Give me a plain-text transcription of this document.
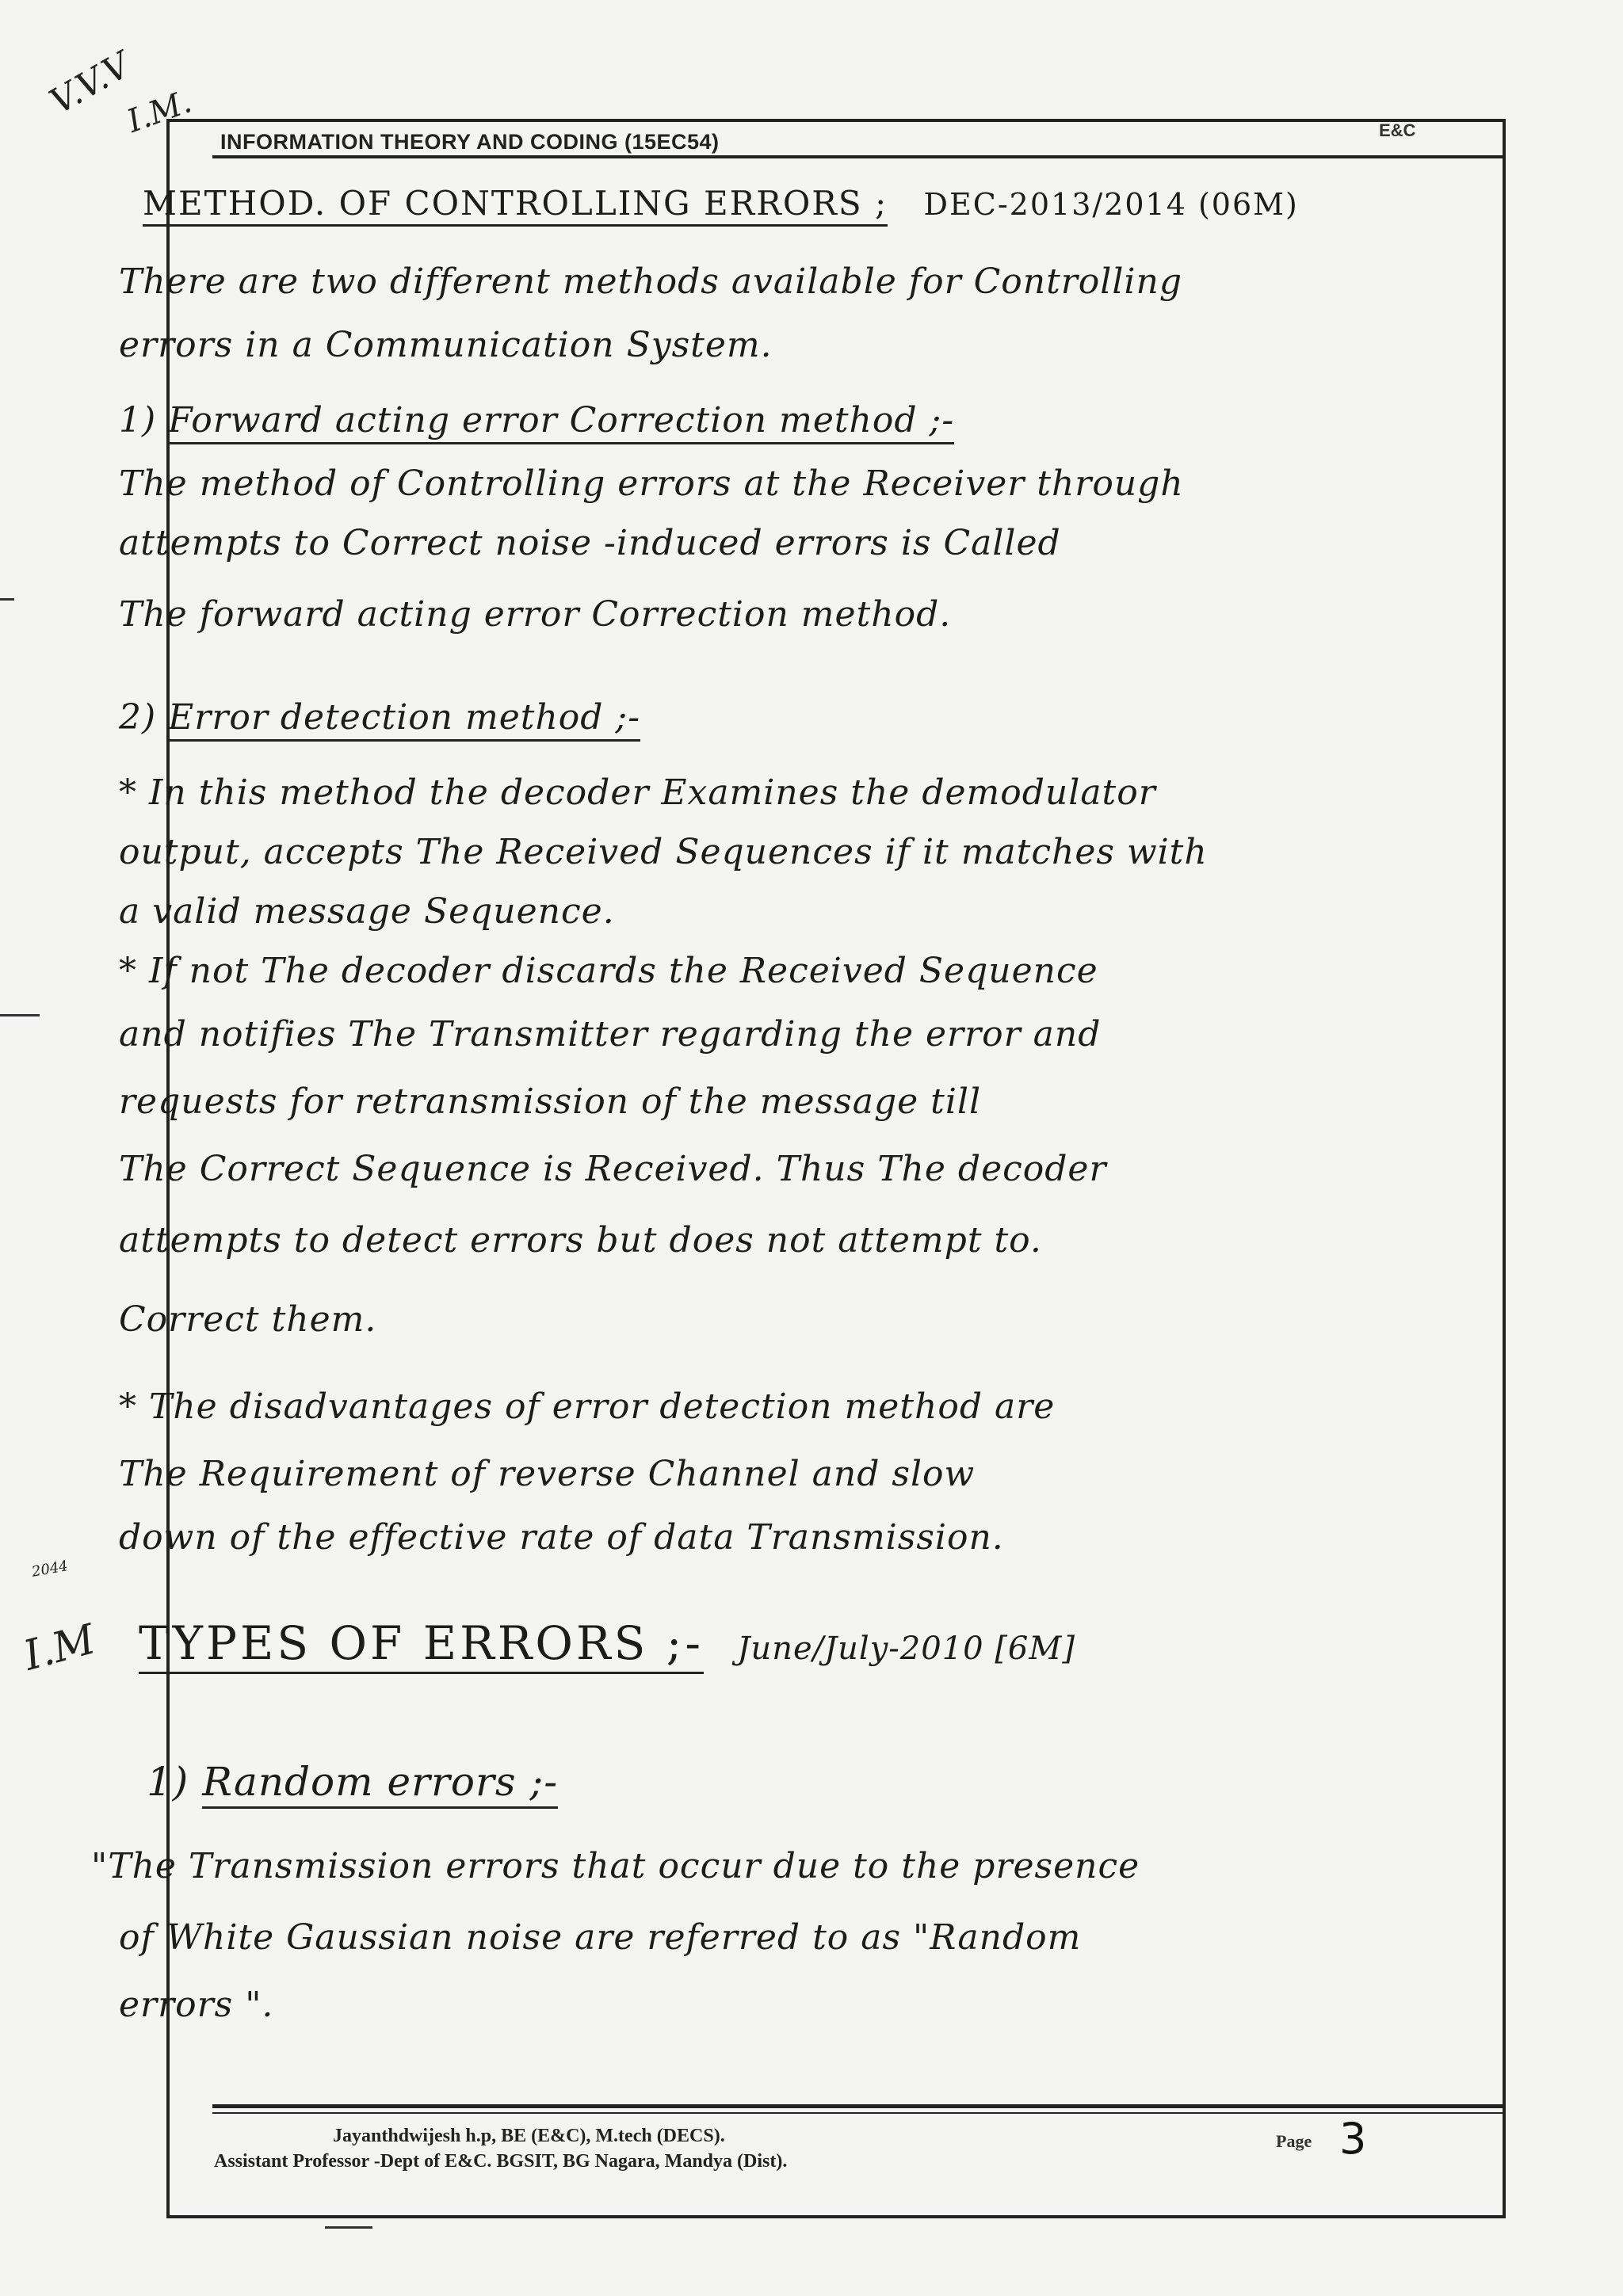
V.V.V
I.M.
2044
I.M
E&C
INFORMATION THEORY AND CODING (15EC54)
METHOD. OF CONTROLLING ERRORS ; DEC-2013/2014 (06M)
There are two different methods available for Controlling
errors in a Communication System.
1) Forward acting error Correction method ;-
The method of Controlling errors at the Receiver through
attempts to Correct noise -induced errors is Called
The forward acting error Correction method.
2) Error detection method ;-
* In this method the decoder Examines the demodulator
output, accepts The Received Sequences if it matches with
a valid message Sequence.
* If not The decoder discards the Received Sequence
and notifies The Transmitter regarding the error and
requests for retransmission of the message till
The Correct Sequence is Received. Thus The decoder
attempts to detect errors but does not attempt to.
Correct them.
* The disadvantages of error detection method are
The Requirement of reverse Channel and slow
down of the effective rate of data Transmission.
TYPES OF ERRORS ;- June/July-2010 [6M]
1) Random errors ;-
"The Transmission errors that occur due to the presence
of White Gaussian noise are referred to as "Random
errors ".
Jayanthdwijesh h.p, BE (E&C), M.tech (DECS).
Assistant Professor -Dept of E&C. BGSIT, BG Nagara, Mandya (Dist).
Page 3
